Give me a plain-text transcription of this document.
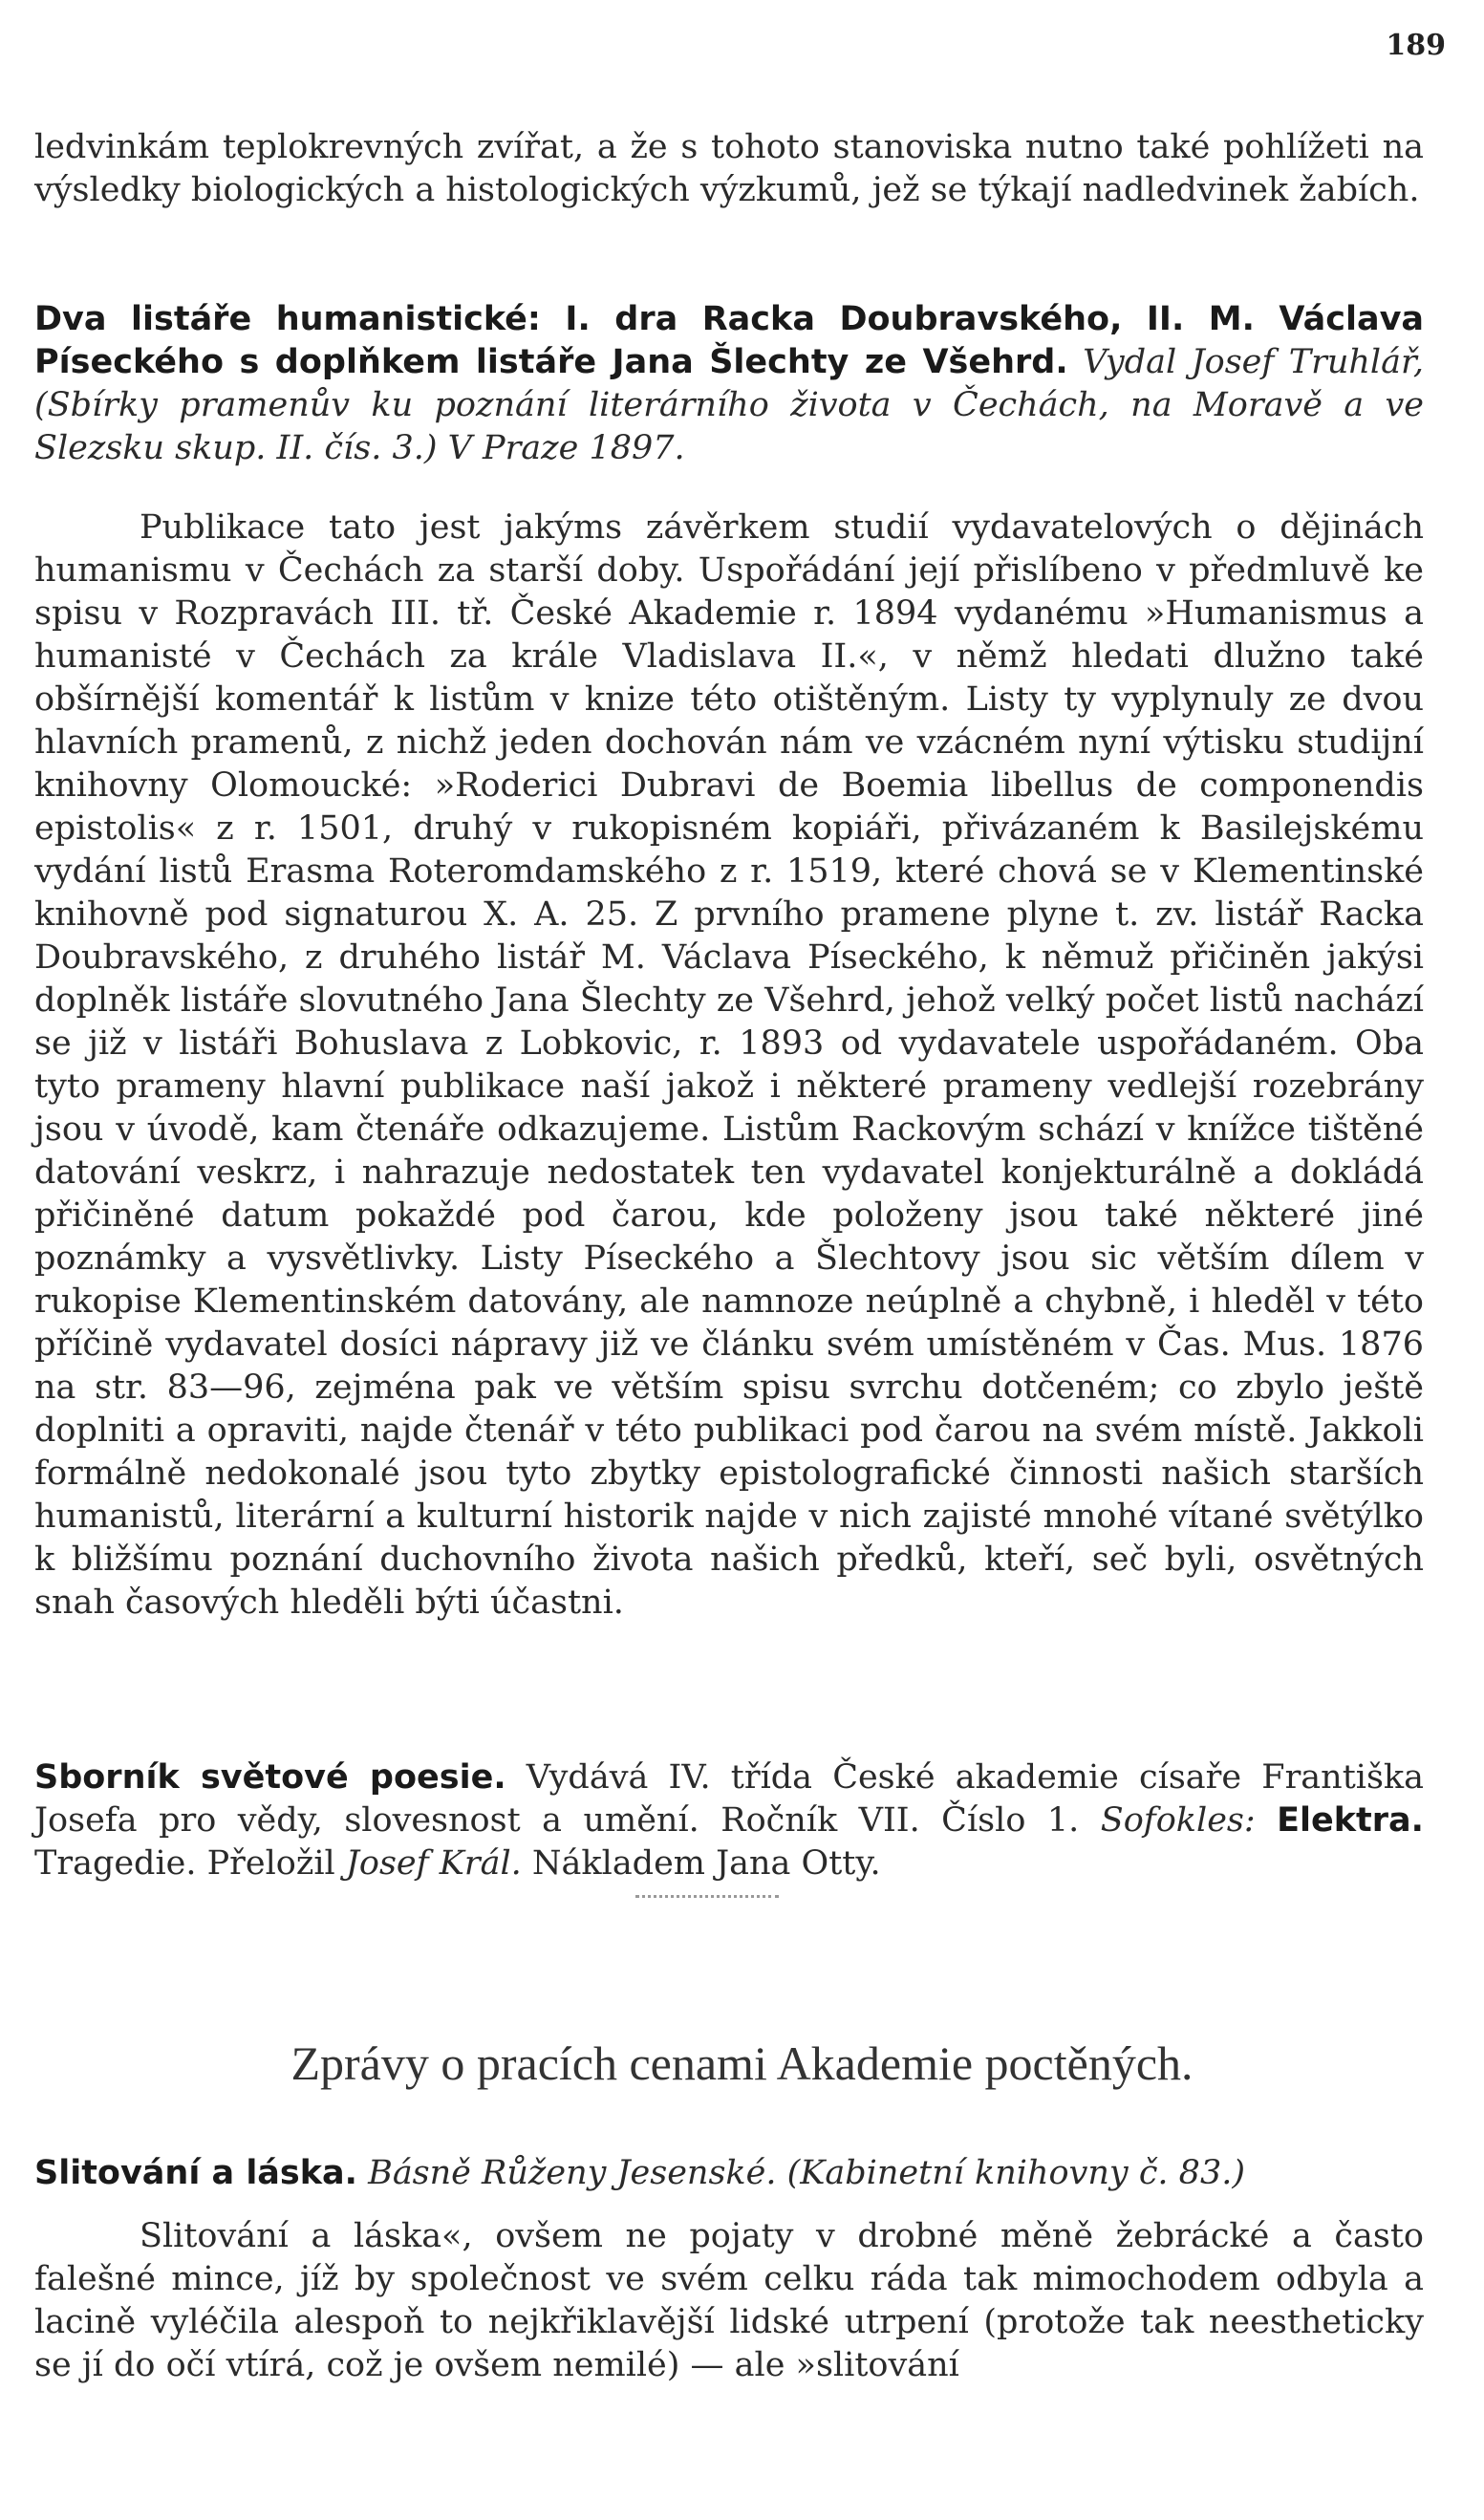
189

ledvinkám teplokrevných zvířat, a že s tohoto stanoviska nutno také pohlížeti na výsledky biologických a histologických výzkumů, jež se týkají nadledvinek žabích.

Dva listáře humanistické: I. dra Racka Doubravského, II. M. Václava Píseckého s doplňkem listáře Jana Šlechty ze Všehrd. Vydal Josef Truhlář, (Sbírky pramenův ku poznání literárního života v Čechách, na Moravě a ve Slezsku skup. II. čís. 3.) V Praze 1897.

Publikace tato jest jakýms závěrkem studií vydavatelových o dějinách humanismu v Čechách za starší doby. Uspořádání její přislíbeno v předmluvě ke spisu v Rozpravách III. tř. České Akademie r. 1894 vydanému »Humanismus a humanisté v Čechách za krále Vladislava II.«, v němž hledati dlužno také obšírnější komentář k listům v knize této otištěným. Listy ty vyplynuly ze dvou hlavních pramenů, z nichž jeden dochován nám ve vzácném nyní výtisku studijní knihovny Olomoucké: »Roderici Dubravi de Boemia libellus de componendis epistolis« z r. 1501, druhý v rukopisném kopiáři, přivázaném k Basilejskému vydání listů Erasma Roteromdamského z r. 1519, které chová se v Klementinské knihovně pod signaturou X. A. 25. Z prvního pramene plyne t. zv. listář Racka Doubravského, z druhého listář M. Václava Píseckého, k němuž přičiněn jakýsi doplněk listáře slovutného Jana Šlechty ze Všehrd, jehož velký počet listů nachází se již v listáři Bohuslava z Lobkovic, r. 1893 od vydavatele uspořádaném. Oba tyto prameny hlavní publikace naší jakož i některé prameny vedlejší rozebrány jsou v úvodě, kam čtenáře odkazujeme. Listům Rackovým schází v knížce tištěné datování veskrz, i nahrazuje nedostatek ten vydavatel konjekturálně a dokládá přičiněné datum pokaždé pod čarou, kde položeny jsou také některé jiné poznámky a vysvětlivky. Listy Píseckého a Šlechtovy jsou sic větším dílem v rukopise Klementinském datovány, ale namnoze neúplně a chybně, i hleděl v této příčině vydavatel dosíci nápravy již ve článku svém umístěném v Čas. Mus. 1876 na str. 83—96, zejména pak ve větším spisu svrchu dotčeném; co zbylo ještě doplniti a opraviti, najde čtenář v této publikaci pod čarou na svém místě. Jakkoli formálně nedokonalé jsou tyto zbytky epistolografické činnosti našich starších humanistů, literární a kulturní historik najde v nich zajisté mnohé vítané světýlko k bližšímu poznání duchovního života našich předků, kteří, seč byli, osvětných snah časových hleděli býti účastni.

Sborník světové poesie. Vydává IV. třída České akademie císaře Františka Josefa pro vědy, slovesnost a umění. Ročník VII. Číslo 1. Sofokles: Elektra. Tragedie. Přeložil Josef Král. Nákladem Jana Otty.
Zprávy o pracích cenami Akademie poctěných.
Slitování a láska. Básně Růženy Jesenské. (Kabinetní knihovny č. 83.)

Slitování a láska«, ovšem ne pojaty v drobné měně žebrácké a často falešné mince, jíž by společnost ve svém celku ráda tak mimochodem odbyla a lacině vyléčila alespoň to nejkřiklavější lidské utrpení (protože tak neestheticky se jí do očí vtírá, což je ovšem nemilé) — ale »slitování
